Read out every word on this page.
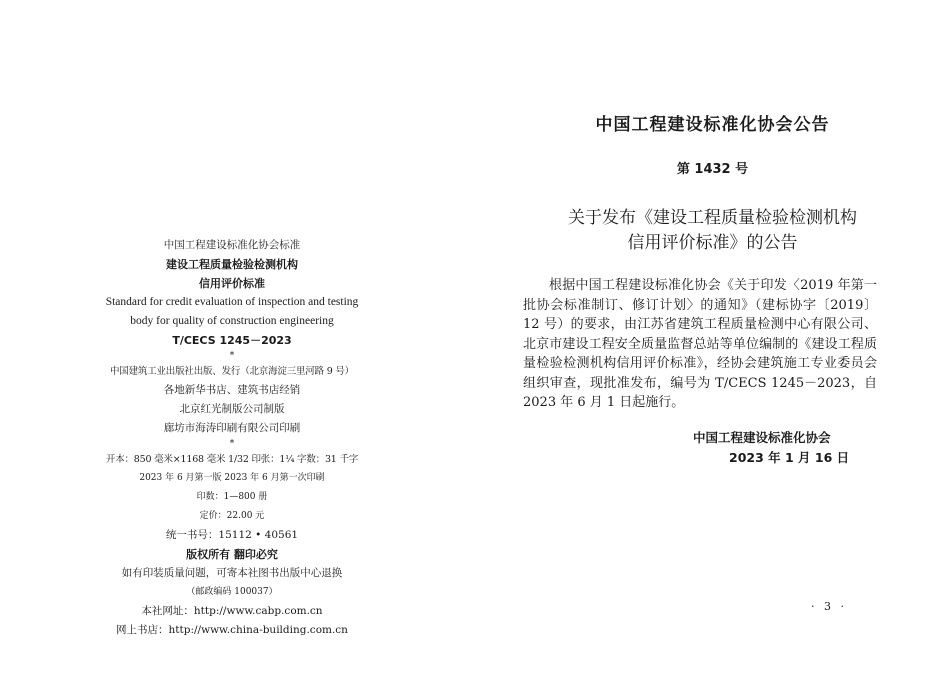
中国工程建设标准化协会标准
建设工程质量检验检测机构
信用评价标准
Standard for credit evaluation of inspection and testing
body for quality of construction engineering
T/CECS 1245－2023
*
中国建筑工业出版社出版、发行（北京海淀三里河路 9 号）
各地新华书店、建筑书店经销
北京红光制版公司制版
廊坊市海涛印刷有限公司印刷
*
开本：850 毫米×1168 毫米 1/32 印张：1¼ 字数：31 千字
2023 年 6 月第一版 2023 年 6 月第一次印刷
印数：1—800 册
定价：22.00 元
统一书号：15112 • 40561
版权所有 翻印必究
如有印装质量问题，可寄本社图书出版中心退换
（邮政编码 100037）
本社网址：http://www.cabp.com.cn
网上书店：http://www.china-building.com.cn
中国工程建设标准化协会公告
第 1432 号
关于发布《建设工程质量检验检测机构
信用评价标准》的公告
根据中国工程建设标准化协会《关于印发〈2019 年第一批协会标准制订、修订计划〉的通知》（建标协字〔2019〕12 号）的要求，由江苏省建筑工程质量检测中心有限公司、北京市建设工程安全质量监督总站等单位编制的《建设工程质量检验检测机构信用评价标准》，经协会建筑施工专业委员会组织审查，现批准发布，编号为 T/CECS 1245－2023，自 2023 年 6 月 1 日起施行。
中国工程建设标准化协会
2023 年 1 月 16 日
· 3 ·
